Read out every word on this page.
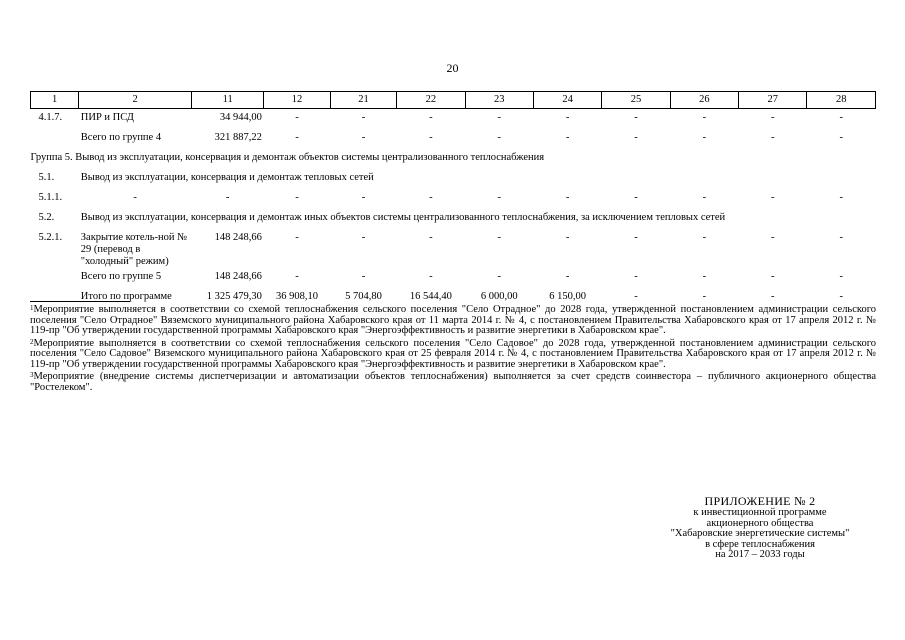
20
1	2	11	12	21	22	23	24	25	26	27	28
4.1.7.	ПИР и ПСД	34 944,00	-	-	-	-	-	-	-	-	-
	Всего по группе 4	321 887,22	-	-	-	-	-	-	-	-	-
Группа 5. Вывод из эксплуатации, консервация и демонтаж объектов системы централизованного теплоснабжения											
5.1.	Вывод из эксплуатации, консервация и демонтаж тепловых сетей										
5.1.1.	-	-	-	-	-	-	-	-	-	-	-
5.2.	Вывод из эксплуатации, консервация и демонтаж иных объектов системы централизованного теплоснабжения, за исключением тепловых сетей										
5.2.1.	Закрытие котель-ной № 29 (перевод в "холодный" режим)	148 248,66	-	-	-	-	-	-	-	-	-
	Всего по группе 5	148 248,66	-	-	-	-	-	-	-	-	-
	Итого по программе	1 325 479,30	36 908,10	5 704,80	16 544,40	6 000,00	6 150,00	-	-	-	-

$^1$Мероприятие выполняется в соответствии со схемой теплоснабжения сельского поселения "Село Отрадное" до 2028 года, утвержденной постановлением администрации сельского поселения "Село Отрадное" Вяземского муниципального района Хабаровского края от 11 марта 2014 г. № 4, с постановлением Правительства Хабаровского края от 17 апреля 2012 г. № 119-пр "Об утверждении государственной программы Хабаровского края "Энергоэффективность и развитие энергетики в Хабаровском крае".

$^2$Мероприятие выполняется в соответствии со схемой теплоснабжения сельского поселения "Село Садовое" до 2028 года, утвержденной постановлением администрации сельского поселения "Село Садовое" Вяземского муниципального района Хабаровского края от 25 февраля 2014 г. № 4, с постановлением Правительства Хабаровского края от 17 апреля 2012 г. № 119-пр "Об утверждении государственной программы Хабаровского края "Энергоэффективность и развитие энергетики в Хабаровском крае".

$^3$Мероприятие (внедрение системы диспетчеризации и автоматизации объектов теплоснабжения) выполняется за счет средств соинвестора – публичного акционерного общества "Ростелеком".

ПРИЛОЖЕНИЕ № 2
к инвестиционной программе
акционерного общества
"Хабаровские энергетические системы"
в сфере теплоснабжения
на 2017 – 2033 годы
